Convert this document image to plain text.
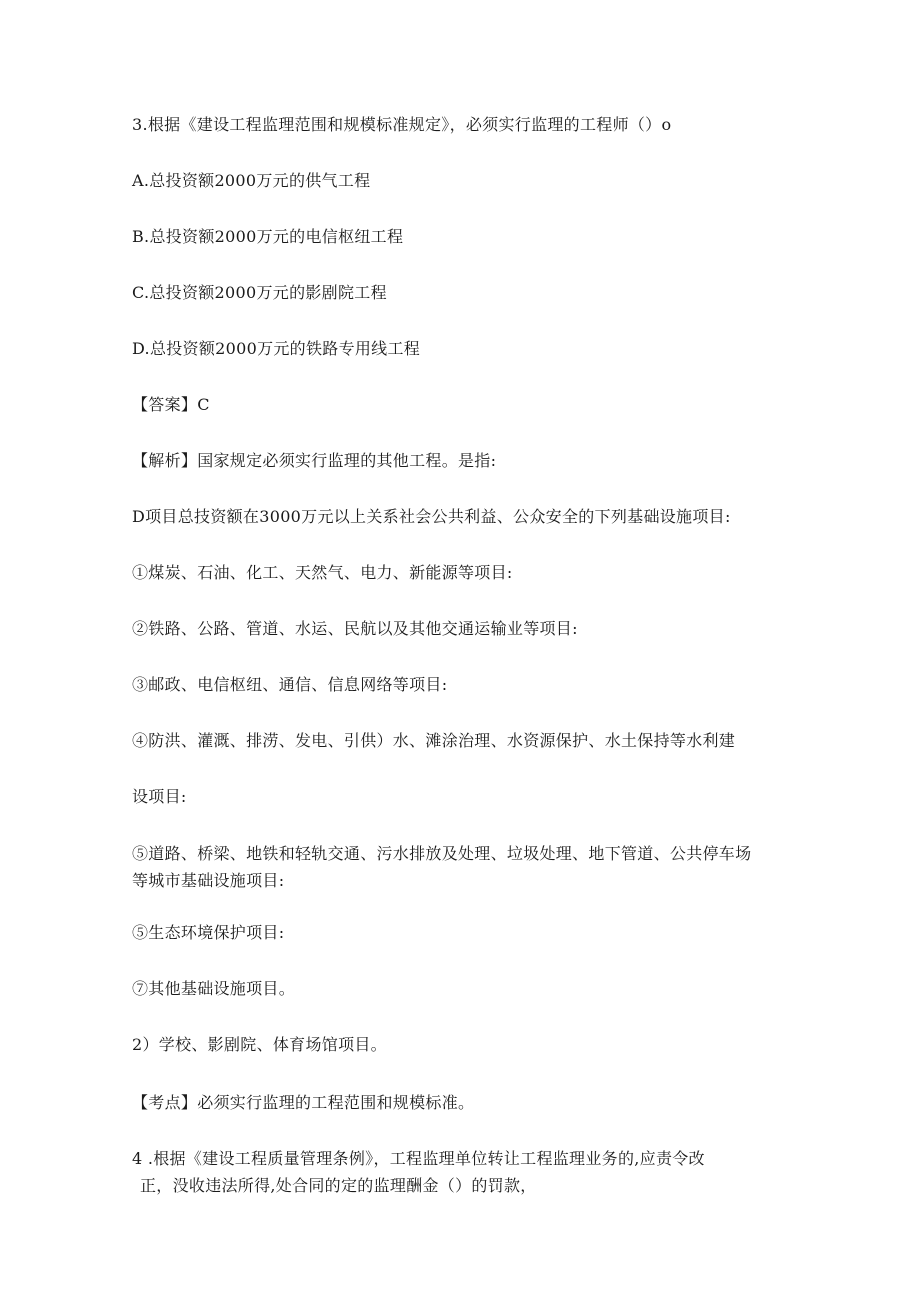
3.根据《建设工程监理范围和规模标准规定》，必须实行监理的工程师（）o
A.总投资额2000万元的供气工程
B.总投资额2000万元的电信枢纽工程
C.总投资额2000万元的影剧院工程
D.总投资额2000万元的铁路专用线工程
【答案】C
【解析】国家规定必须实行监理的其他工程。是指:
D项目总技资额在3000万元以上关系社会公共利益、公众安全的下列基础设施项目:
①煤炭、石油、化工、天然气、电力、新能源等项目:
②铁路、公路、管道、水运、民航以及其他交通运输业等项目:
③邮政、电信枢纽、通信、信息网络等项目:
④防洪、灌溉、排涝、发电、引供）水、滩涂治理、水资源保护、水土保持等水利建
设项目:
⑤道路、桥梁、地铁和轻轨交通、污水排放及处理、垃圾处理、地下管道、公共停车场
等城市基础设施项目:
⑤生态环境保护项目:
⑦其他基础设施项目。
2）学校、影剧院、体育场馆项目。
【考点】必须实行监理的工程范围和规模标准。
4 .根据《建设工程质量管理条例》，工程监理单位转让工程监理业务的,应责令改
正，没收违法所得,处合同的定的监理酬金（）的罚款，
